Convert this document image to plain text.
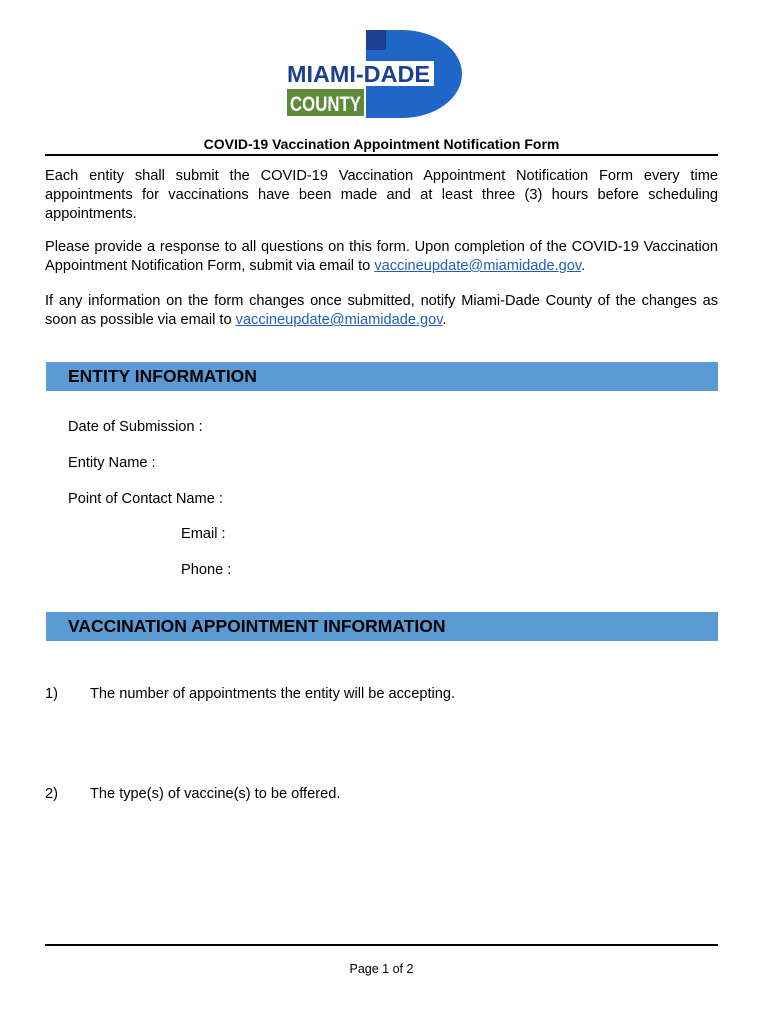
MIAMI-DADE
COUNTY
COVID-19 Vaccination Appointment Notification Form

Each entity shall submit the COVID-19 Vaccination Appointment Notification Form every time appointments for vaccinations have been made and at least three (3) hours before scheduling appointments.

Please provide a response to all questions on this form. Upon completion of the COVID-19 Vaccination Appointment Notification Form, submit via email to vaccineupdate@miamidade.gov.

If any information on the form changes once submitted, notify Miami-Dade County of the changes as soon as possible via email to vaccineupdate@miamidade.gov.

ENTITY INFORMATION
Date of Submission :
Entity Name :
Point of Contact Name :
Email :
Phone :
VACCINATION APPOINTMENT INFORMATION
1) The number of appointments the entity will be accepting.
2) The type(s) of vaccine(s) to be offered.
Page 1 of 2
